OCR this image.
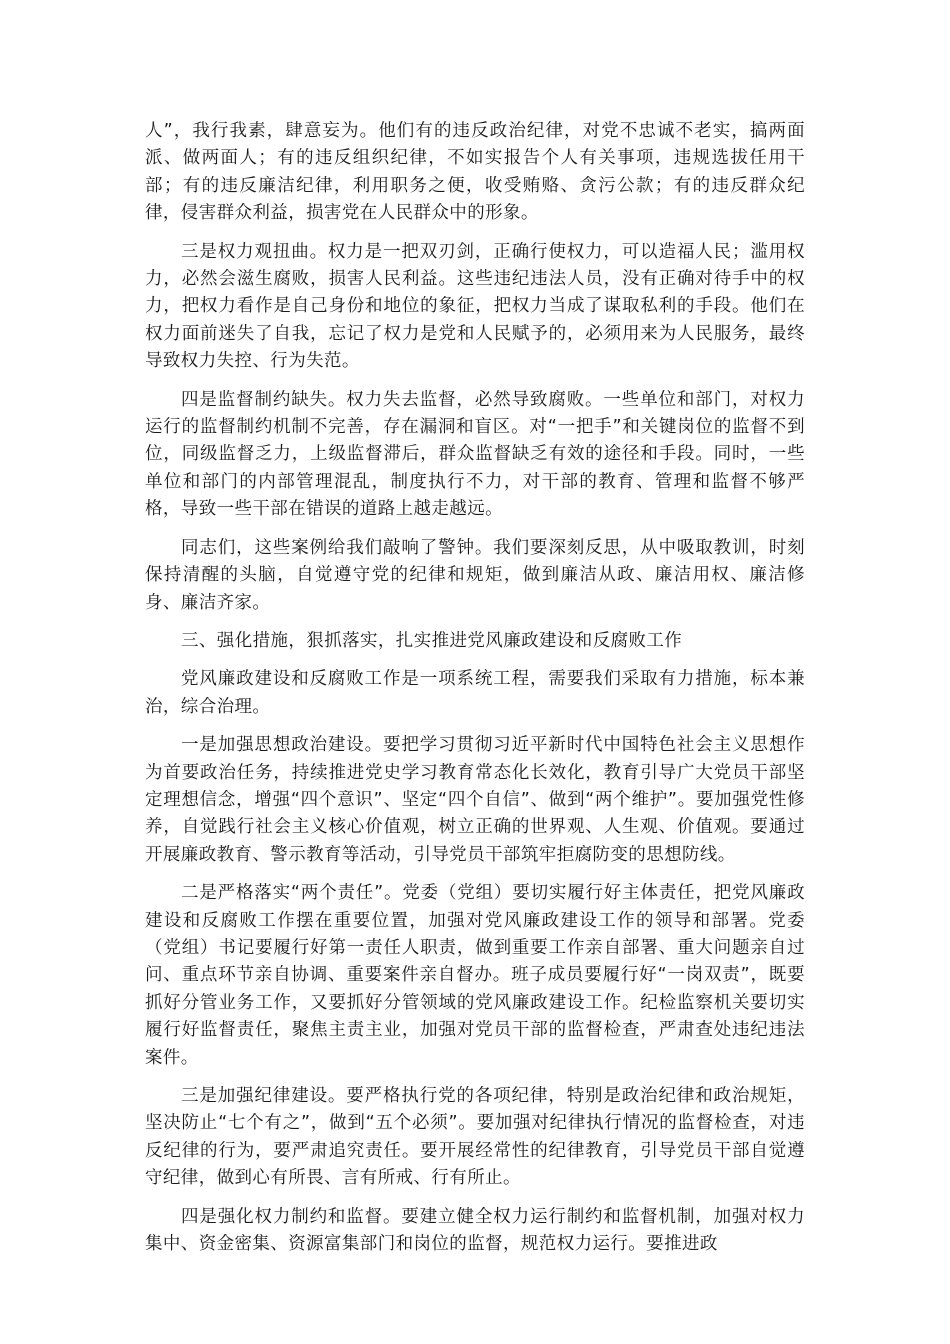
人”，我行我素，肆意妄为。他们有的违反政治纪律，对党不忠诚不老实，搞两面派、做两面人；有的违反组织纪律，不如实报告个人有关事项，违规选拔任用干部；有的违反廉洁纪律，利用职务之便，收受贿赂、贪污公款；有的违反群众纪律，侵害群众利益，损害党在人民群众中的形象。

三是权力观扭曲。权力是一把双刃剑，正确行使权力，可以造福人民；滥用权力，必然会滋生腐败，损害人民利益。这些违纪违法人员，没有正确对待手中的权力，把权力看作是自己身份和地位的象征，把权力当成了谋取私利的手段。他们在权力面前迷失了自我，忘记了权力是党和人民赋予的，必须用来为人民服务，最终导致权力失控、行为失范。

四是监督制约缺失。权力失去监督，必然导致腐败。一些单位和部门，对权力运行的监督制约机制不完善，存在漏洞和盲区。对“一把手”和关键岗位的监督不到位，同级监督乏力，上级监督滞后，群众监督缺乏有效的途径和手段。同时，一些单位和部门的内部管理混乱，制度执行不力，对干部的教育、管理和监督不够严格，导致一些干部在错误的道路上越走越远。

同志们，这些案例给我们敲响了警钟。我们要深刻反思，从中吸取教训，时刻保持清醒的头脑，自觉遵守党的纪律和规矩，做到廉洁从政、廉洁用权、廉洁修身、廉洁齐家。

三、强化措施，狠抓落实，扎实推进党风廉政建设和反腐败工作

党风廉政建设和反腐败工作是一项系统工程，需要我们采取有力措施，标本兼治，综合治理。

一是加强思想政治建设。要把学习贯彻习近平新时代中国特色社会主义思想作为首要政治任务，持续推进党史学习教育常态化长效化，教育引导广大党员干部坚定理想信念，增强“四个意识”、坚定“四个自信”、做到“两个维护”。要加强党性修养，自觉践行社会主义核心价值观，树立正确的世界观、人生观、价值观。要通过开展廉政教育、警示教育等活动，引导党员干部筑牢拒腐防变的思想防线。

二是严格落实“两个责任”。党委（党组）要切实履行好主体责任，把党风廉政建设和反腐败工作摆在重要位置，加强对党风廉政建设工作的领导和部署。党委（党组）书记要履行好第一责任人职责，做到重要工作亲自部署、重大问题亲自过问、重点环节亲自协调、重要案件亲自督办。班子成员要履行好“一岗双责”，既要抓好分管业务工作，又要抓好分管领域的党风廉政建设工作。纪检监察机关要切实履行好监督责任，聚焦主责主业，加强对党员干部的监督检查，严肃查处违纪违法案件。

三是加强纪律建设。要严格执行党的各项纪律，特别是政治纪律和政治规矩，坚决防止“七个有之”，做到“五个必须”。要加强对纪律执行情况的监督检查，对违反纪律的行为，要严肃追究责任。要开展经常性的纪律教育，引导党员干部自觉遵守纪律，做到心有所畏、言有所戒、行有所止。

四是强化权力制约和监督。要建立健全权力运行制约和监督机制，加强对权力集中、资金密集、资源富集部门和岗位的监督，规范权力运行。要推进政
